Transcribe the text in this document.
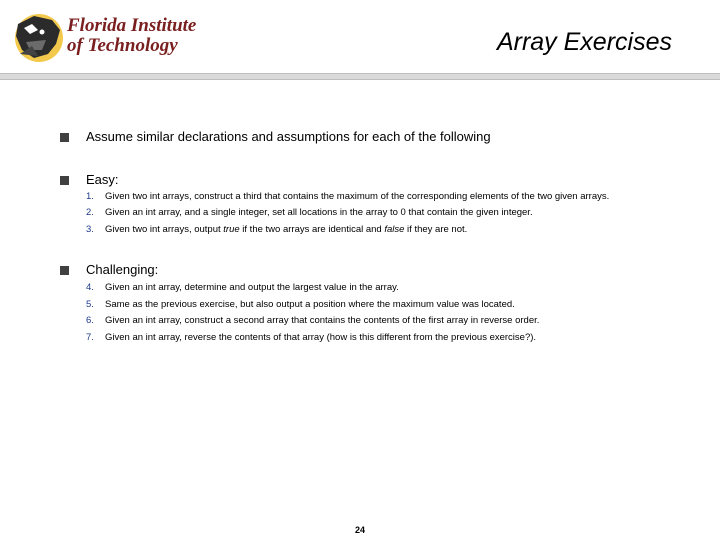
Florida Institute
of Technology	Array Exercises
Assume similar declarations and assumptions for each of the following
Easy:
1. Given two int arrays, construct a third that contains the maximum of the corresponding elements of the two given arrays.
2. Given an int array, and a single integer, set all locations in the array to 0 that contain the given integer.
3. Given two int arrays, output true if the two arrays are identical and false if they are not.
Challenging:
4. Given an int array, determine and output the largest value in the array.
5. Same as the previous exercise, but also output a position where the maximum value was located.
6. Given an int array, construct a second array that contains the contents of the first array in reverse order.
7. Given an int array, reverse the contents of that array (how is this different from the previous exercise?).
24
